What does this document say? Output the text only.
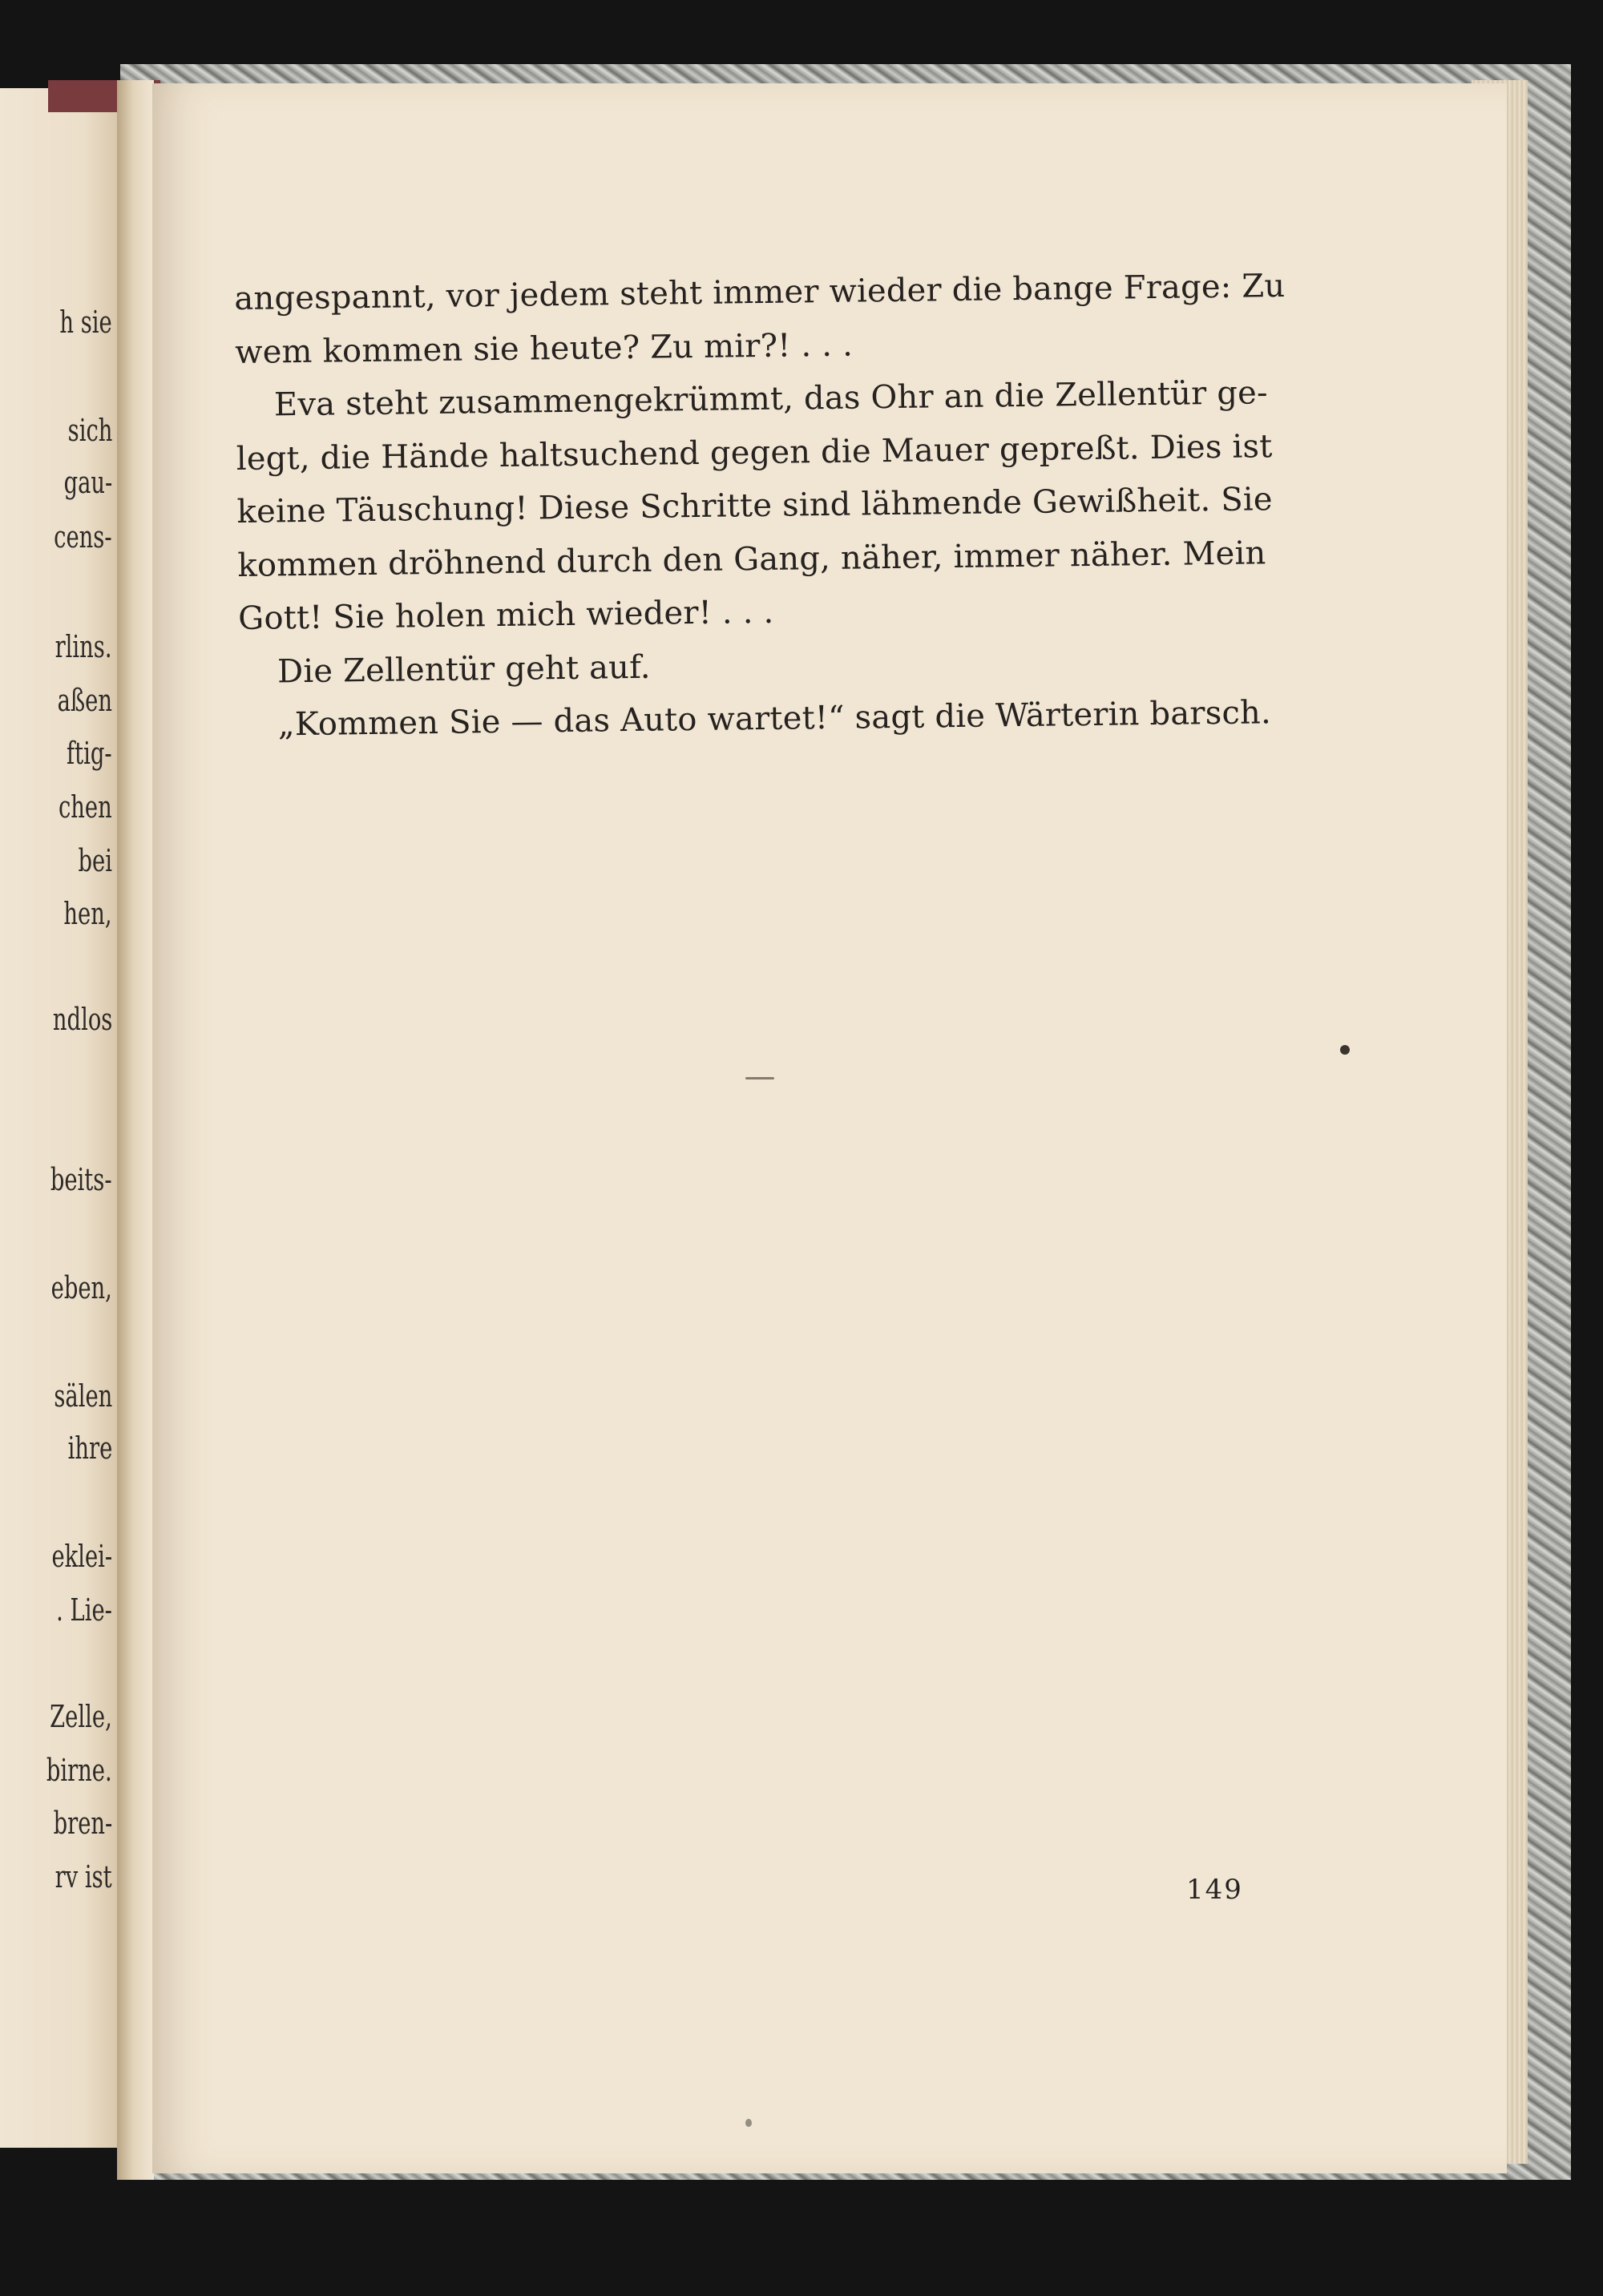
h sie
sich
gau-
cens-
rlins.
aßen
ftig-
chen
bei
hen,
ndlos
beits-
eben,
sälen
ihre
eklei-
. Lie-
Zelle,
birne.
bren-
rv ist
angespannt, vor jedem steht immer wieder die bange Frage: Zu
wem kommen sie heute? Zu mir?! . . .
Eva steht zusammengekrümmt, das Ohr an die Zellentür ge-
legt, die Hände haltsuchend gegen die Mauer gepreßt. Dies ist
keine Täuschung! Diese Schritte sind lähmende Gewißheit. Sie
kommen dröhnend durch den Gang, näher, immer näher. Mein
Gott! Sie holen mich wieder! . . .
Die Zellentür geht auf.
„Kommen Sie — das Auto wartet!“ sagt die Wärterin barsch.
149
